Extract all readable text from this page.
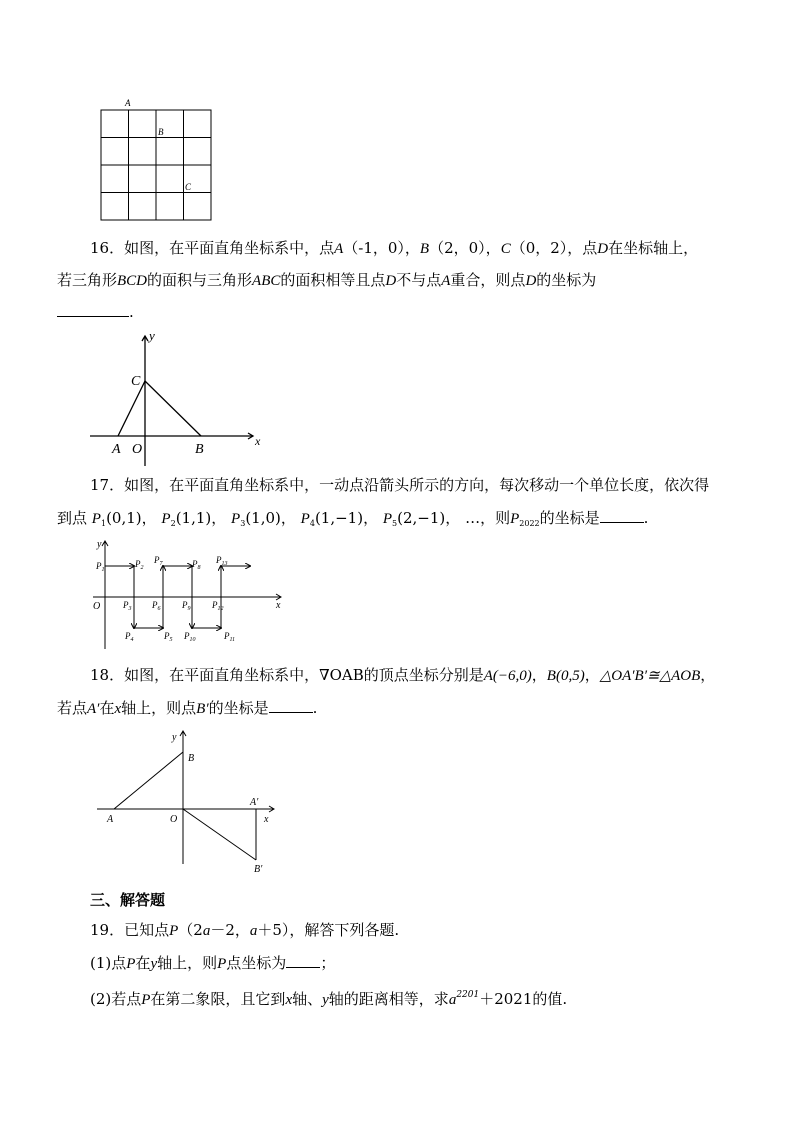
A
B
C
16．如图，在平面直角坐标系中，点A（-1，0），B（2，0），C（0，2），点D在坐标轴上，
若三角形BCD的面积与三角形ABC的面积相等且点D不与点A重合，则点D的坐标为
.
y
C
A O	B
x
17．如图，在平面直角坐标系中，一动点沿箭头所示的方向，每次移动一个单位长度，依次得
到点 $P_1(0,1)$， $P_2(1,1)$， $P_3(1,0)$， $P_4(1,-1)$， $P_5(2,-1)$， …，则$P_{2022}$的坐标是	.
y
x
O
$P_1$
$P_2$
$P_3$
$P_4$	$P_5$
$P_6$
$P_7$	$P_8$
$P_9$
$P_{10}$	$P_{11}$
$P_{12}$
$P_{13}$
18．如图，在平面直角坐标系中，∇OAB的顶点坐标分别是A(−6,0)，B(0,5)，△OA′B′≅△AOB，
若点A′在x轴上，则点B′的坐标是	.
y
B
A′
A	O	x
B′
三、解答题
19．已知点P（2a－2，a＋5），解答下列各题.
(1)点P在y轴上，则P点坐标为 ；
(2)若点P在第二象限，且它到x轴、y轴的距离相等，求$a^{2201}+2021$的值.
